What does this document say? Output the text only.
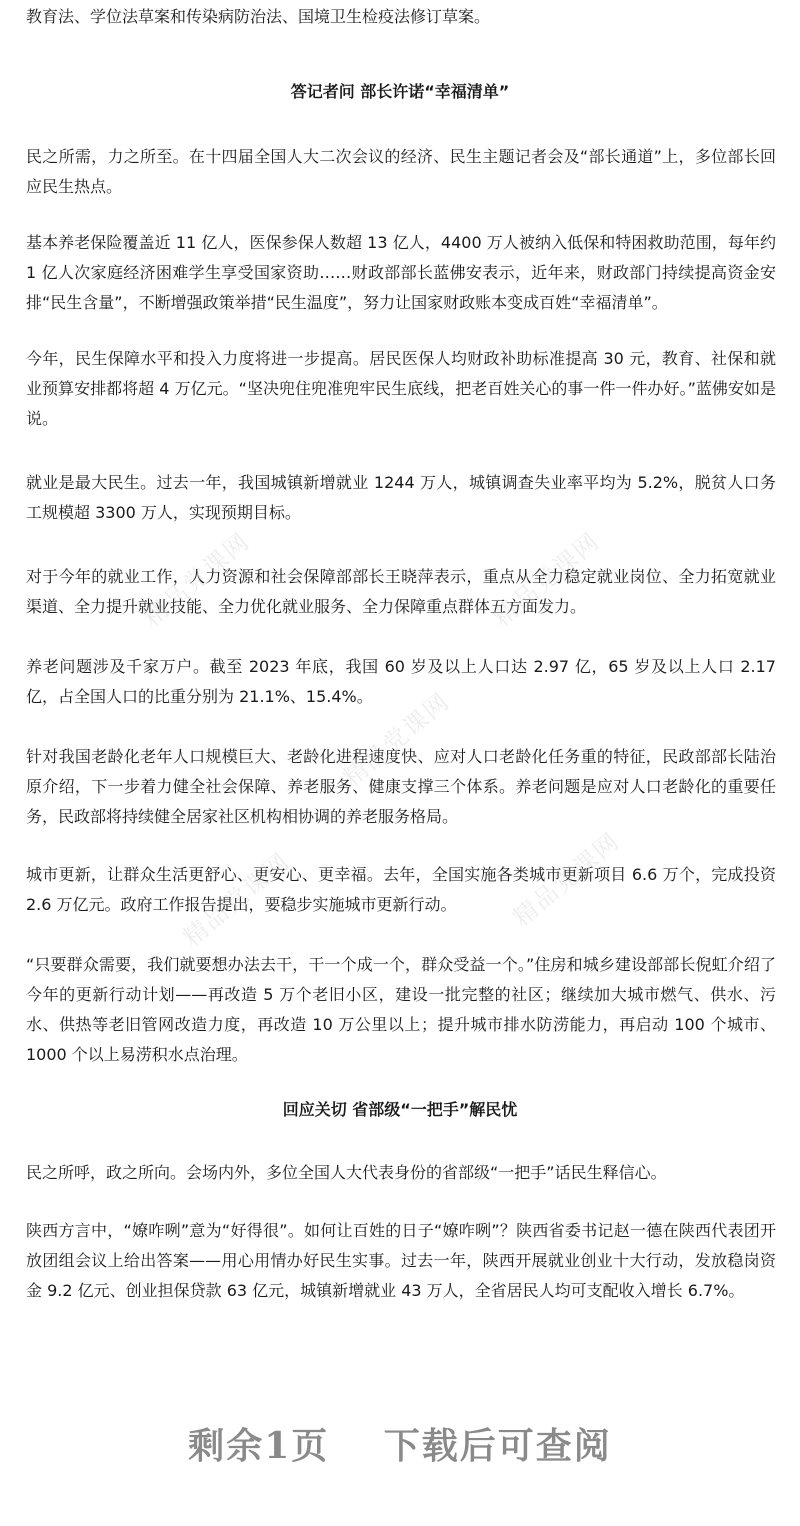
教育法、学位法草案和传染病防治法、国境卫生检疫法修订草案。

答记者问 部长许诺“幸福清单”

民之所需，力之所至。在十四届全国人大二次会议的经济、民生主题记者会及“部长通道”上，多位部长回应民生热点。

基本养老保险覆盖近 11 亿人，医保参保人数超 13 亿人，4400 万人被纳入低保和特困救助范围，每年约 1 亿人次家庭经济困难学生享受国家资助……财政部部长蓝佛安表示，近年来，财政部门持续提高资金安排“民生含量”，不断增强政策举措“民生温度”，努力让国家财政账本变成百姓“幸福清单”。

今年，民生保障水平和投入力度将进一步提高。居民医保人均财政补助标准提高 30 元，教育、社保和就业预算安排都将超 4 万亿元。“坚决兜住兜准兜牢民生底线，把老百姓关心的事一件一件办好。”蓝佛安如是说。

就业是最大民生。过去一年，我国城镇新增就业 1244 万人，城镇调查失业率平均为 5.2%，脱贫人口务工规模超 3300 万人，实现预期目标。

对于今年的就业工作，人力资源和社会保障部部长王晓萍表示，重点从全力稳定就业岗位、全力拓宽就业渠道、全力提升就业技能、全力优化就业服务、全力保障重点群体五方面发力。

养老问题涉及千家万户。截至 2023 年底，我国 60 岁及以上人口达 2.97 亿，65 岁及以上人口 2.17 亿，占全国人口的比重分别为 21.1%、15.4%。

针对我国老龄化老年人口规模巨大、老龄化进程速度快、应对人口老龄化任务重的特征，民政部部长陆治原介绍，下一步着力健全社会保障、养老服务、健康支撑三个体系。养老问题是应对人口老龄化的重要任务，民政部将持续健全居家社区机构相协调的养老服务格局。

城市更新，让群众生活更舒心、更安心、更幸福。去年，全国实施各类城市更新项目 6.6 万个，完成投资 2.6 万亿元。政府工作报告提出，要稳步实施城市更新行动。

“只要群众需要，我们就要想办法去干，干一个成一个，群众受益一个。”住房和城乡建设部部长倪虹介绍了今年的更新行动计划——再改造 5 万个老旧小区，建设一批完整的社区；继续加大城市燃气、供水、污水、供热等老旧管网改造力度，再改造 10 万公里以上；提升城市排水防涝能力，再启动 100 个城市、1000 个以上易涝积水点治理。

回应关切 省部级“一把手”解民忧

民之所呼，政之所向。会场内外，多位全国人大代表身份的省部级“一把手”话民生释信心。

陕西方言中，“嫽咋咧”意为“好得很”。如何让百姓的日子“嫽咋咧”？陕西省委书记赵一德在陕西代表团开放团组会议上给出答案——用心用情办好民生实事。过去一年，陕西开展就业创业十大行动，发放稳岗资金 9.2 亿元、创业担保贷款 63 亿元，城镇新增就业 43 万人，全省居民人均可支配收入增长 6.7%。

精品党课网	精品党课网
精品党课网
精品党课网	精品党课网
剩余1页 下载后可查阅
